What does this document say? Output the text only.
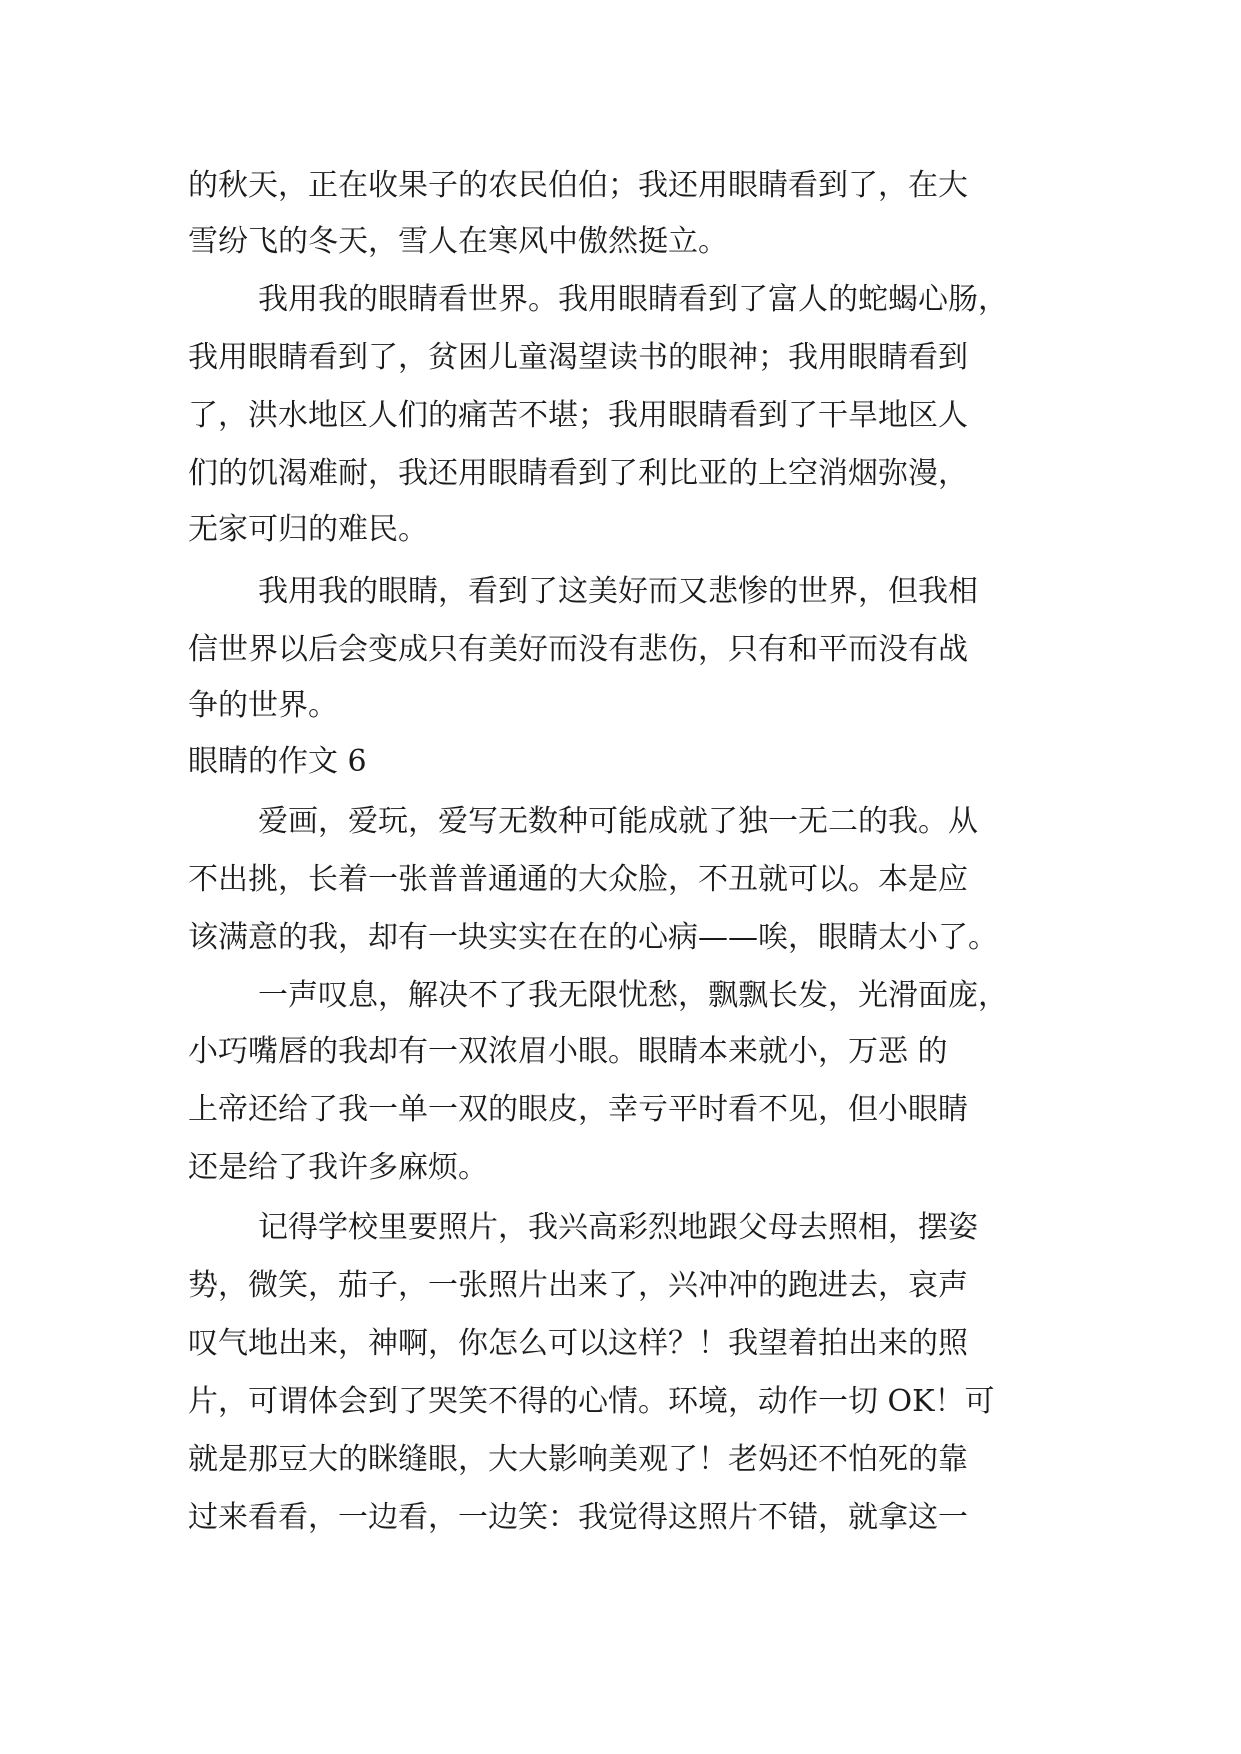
的秋天，正在收果子的农民伯伯；我还用眼睛看到了，在大
雪纷飞的冬天，雪人在寒风中傲然挺立。
我用我的眼睛看世界。我用眼睛看到了富人的蛇蝎心肠，
我用眼睛看到了，贫困儿童渴望读书的眼神；我用眼睛看到
了，洪水地区人们的痛苦不堪；我用眼睛看到了干旱地区人
们的饥渴难耐，我还用眼睛看到了利比亚的上空消烟弥漫，
无家可归的难民。
我用我的眼睛，看到了这美好而又悲惨的世界，但我相
信世界以后会变成只有美好而没有悲伤，只有和平而没有战
争的世界。
眼睛的作文 6
爱画，爱玩，爱写无数种可能成就了独一无二的我。从
不出挑，长着一张普普通通的大众脸，不丑就可以。本是应
该满意的我，却有一块实实在在的心病——唉，眼睛太小了。
一声叹息，解决不了我无限忧愁，飘飘长发，光滑面庞，
小巧嘴唇的我却有一双浓眉小眼。眼睛本来就小，万恶 的
上帝还给了我一单一双的眼皮，幸亏平时看不见，但小眼睛
还是给了我许多麻烦。
记得学校里要照片，我兴高彩烈地跟父母去照相，摆姿
势，微笑，茄子，一张照片出来了，兴冲冲的跑进去，哀声
叹气地出来，神啊，你怎么可以这样？！我望着拍出来的照
片，可谓体会到了哭笑不得的心情。环境，动作一切 OK！可
就是那豆大的眯缝眼，大大影响美观了！老妈还不怕死的靠
过来看看，一边看，一边笑：我觉得这照片不错，就拿这一
